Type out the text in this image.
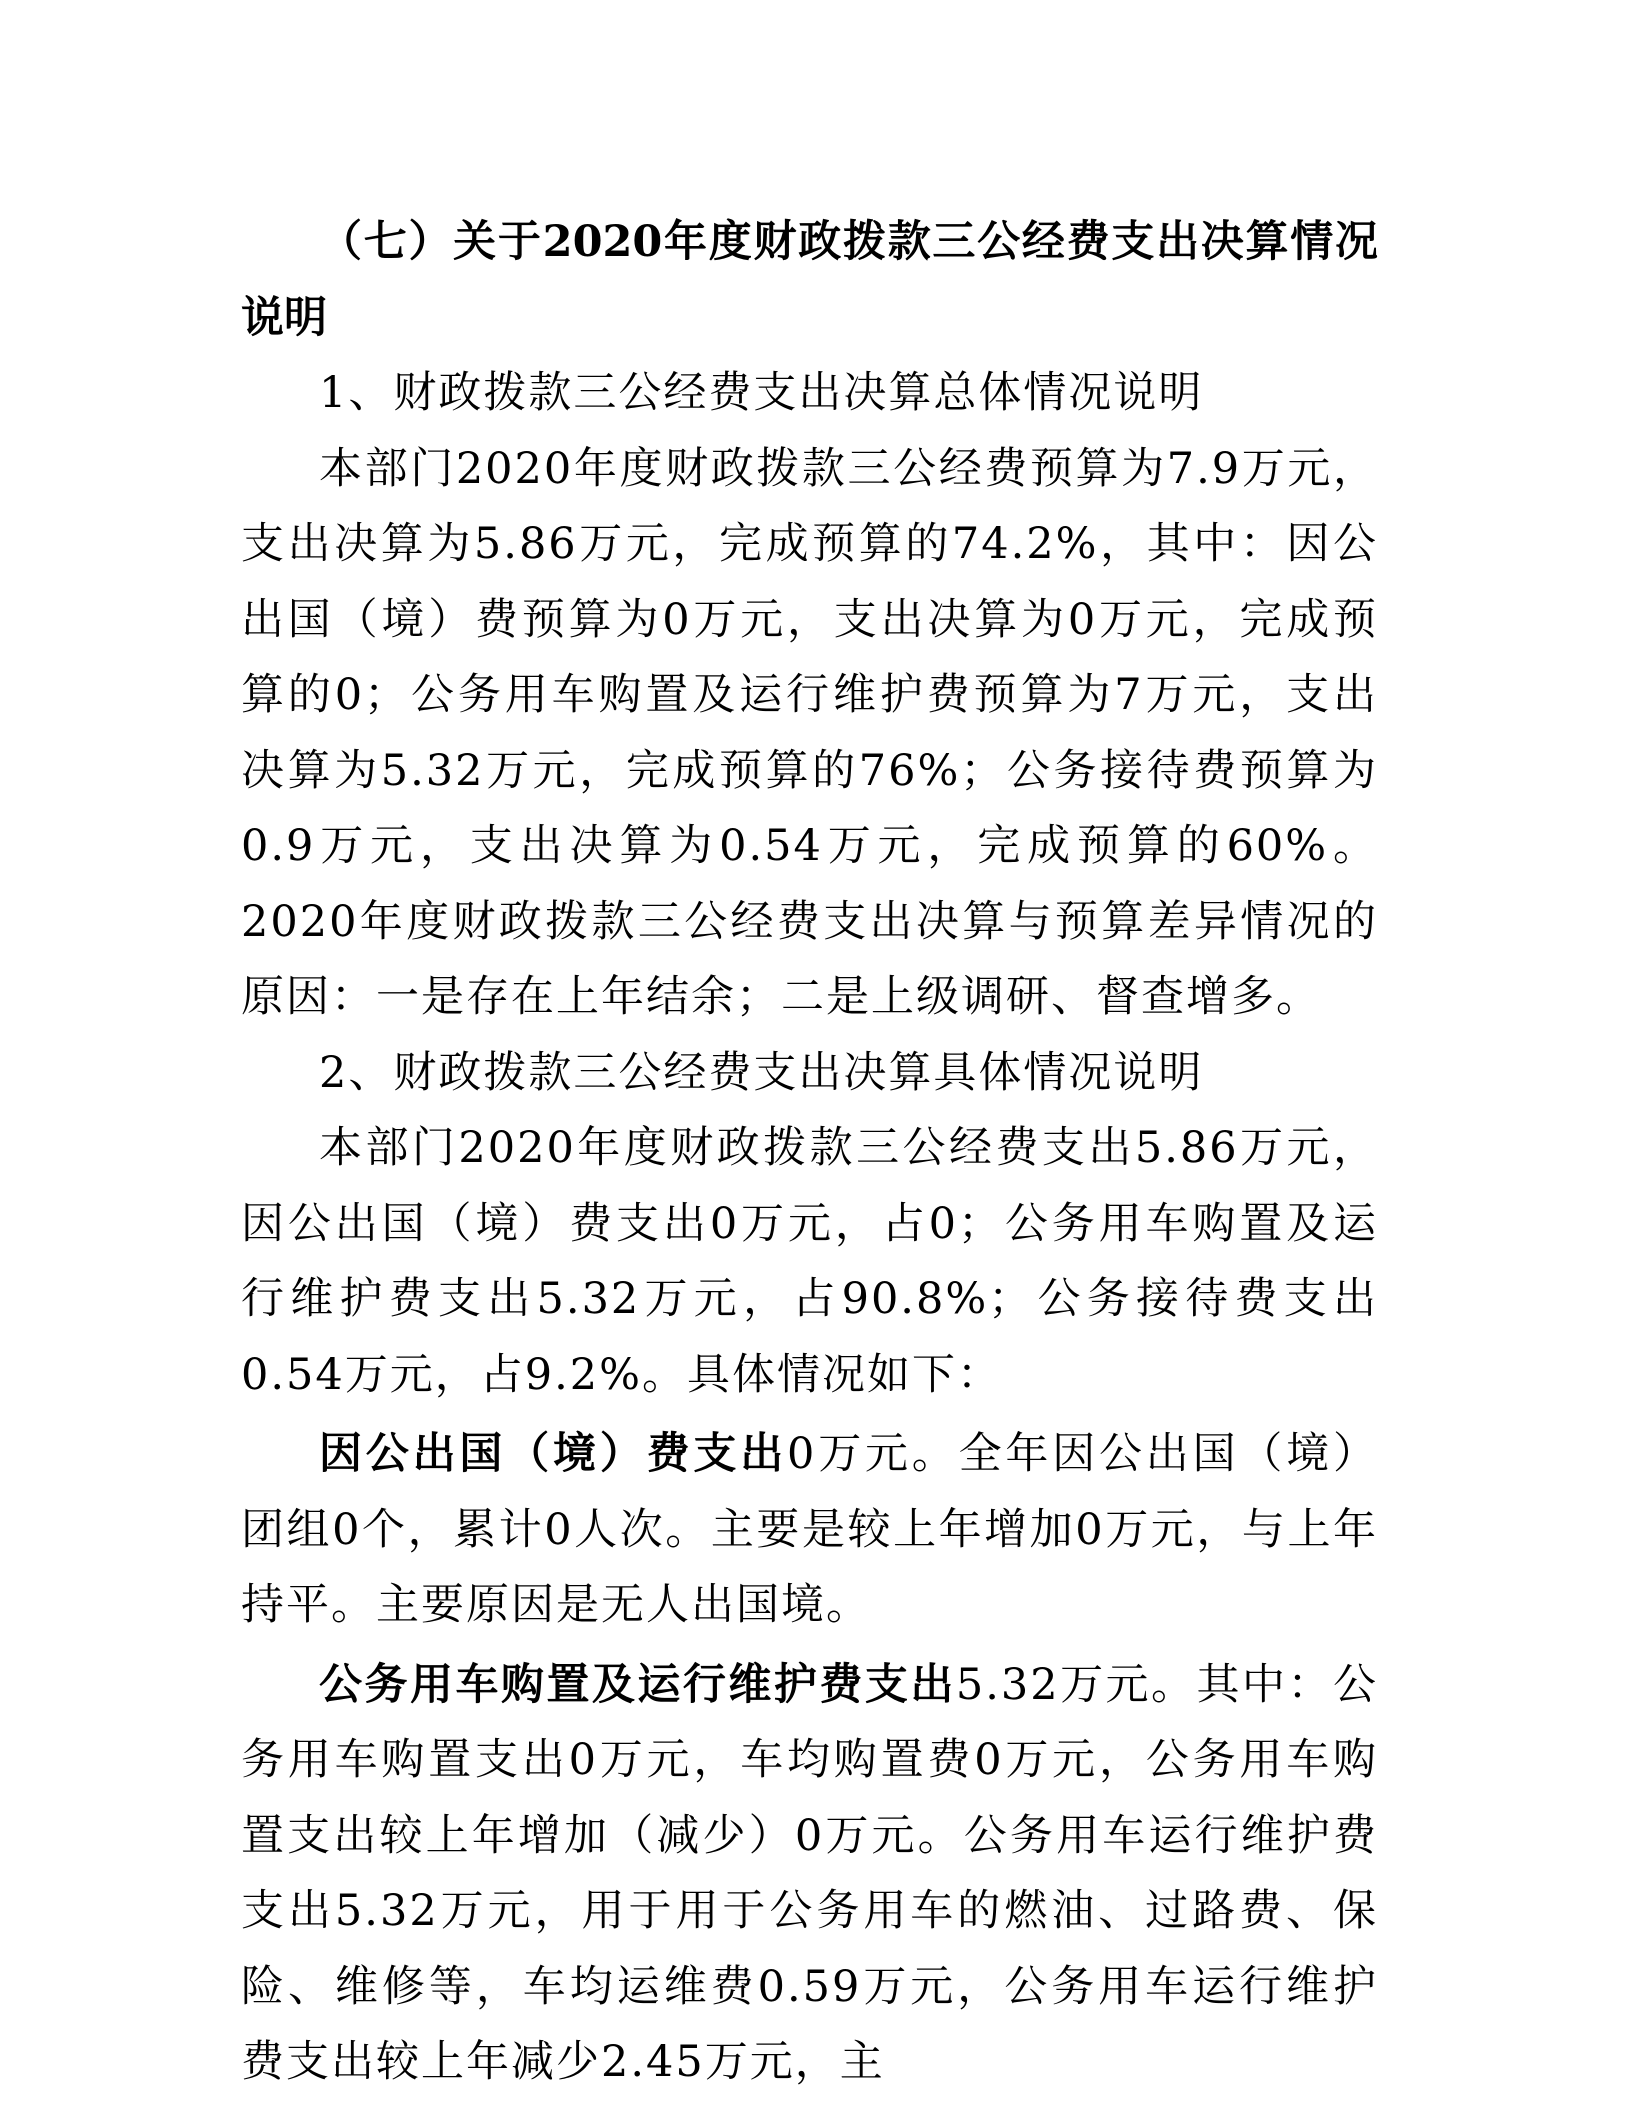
（七）关于2020年度财政拨款三公经费支出决算情况说明

1、财政拨款三公经费支出决算总体情况说明

本部门2020年度财政拨款三公经费预算为7.9万元，支出决算为5.86万元，完成预算的74.2%，其中：因公出国（境）费预算为0万元，支出决算为0万元，完成预算的0；公务用车购置及运行维护费预算为7万元，支出决算为5.32万元，完成预算的76%；公务接待费预算为0.9万元，支出决算为0.54万元，完成预算的60%。2020年度财政拨款三公经费支出决算与预算差异情况的原因：一是存在上年结余；二是上级调研、督查增多。

2、财政拨款三公经费支出决算具体情况说明

本部门2020年度财政拨款三公经费支出5.86万元，因公出国（境）费支出0万元，占0；公务用车购置及运行维护费支出5.32万元，占90.8%；公务接待费支出0.54万元，占9.2%。具体情况如下：

因公出国（境）费支出0万元。全年因公出国（境）团组0个，累计0人次。主要是较上年增加0万元，与上年持平。主要原因是无人出国境。

公务用车购置及运行维护费支出5.32万元。其中：公务用车购置支出0万元，车均购置费0万元，公务用车购置支出较上年增加（减少）0万元。公务用车运行维护费支出5.32万元，用于用于公务用车的燃油、过路费、保险、维修等，车均运维费0.59万元，公务用车运行维护费支出较上年减少2.45万元，主
